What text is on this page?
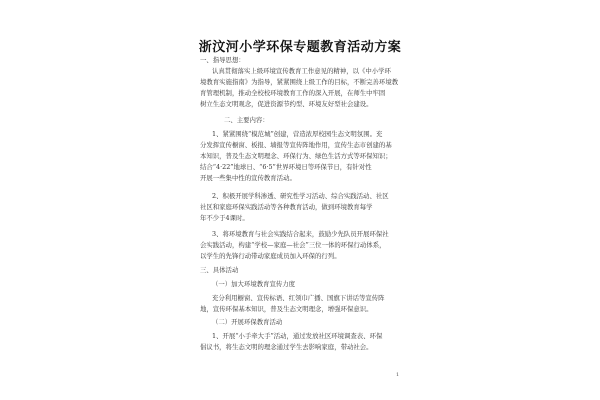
浙汶河小学环保专题教育活动方案
一、指导思想：
认真贯彻落实上级环境宣传教育工作意见的精神，以《中小学环
境教育实施指南》为指导，紧紧围绕上级工作的目标，不断完善环境教
育管理机制，推动全校校环境教育工作的深入开展，在师生中牢固
树立生态文明观念，促进资源节约型、环境友好型社会建设。
二、主要内容：
1、紧紧围绕“模范城”创建，营造浓厚校园生态文明氛围。充
分发挥宣传橱窗、板报、墙报等宣传阵地作用，宣传生态市创建的基
本知识，普及生态文明理念、环保行为、绿色生活方式等环保知识；
结合“4·22”地球日、“6·5”世界环境日等环保节日，有针对性
开展一些集中性的宣传教育活动。
2、积极开展学科渗透、研究性学习活动、综合实践活动、社区
社区和家庭环保实践活动等各种教育活动，做到环境教育每学
年不少于4课时。
3、将环境教育与社会实践结合起来，鼓励少先队员开展环保社
会实践活动，构建“学校—家庭—社会”三位一体的环保行动体系，
以学生的先锋行动带动家庭成员加入环保的行列。
三、具体活动
（一）加大环境教育宣传力度
充分利用橱窗、宣传标语、红领巾广播、国旗下讲话等宣传阵
地，宣传环保基本知识，普及生态文明理念，增强环保意识。
（二）开展环保教育活动
1、开展“小手牵大手”活动，通过发放社区环境调查表、环保
倡议书，将生态文明的理念通过学生去影响家庭，带动社会。
1
